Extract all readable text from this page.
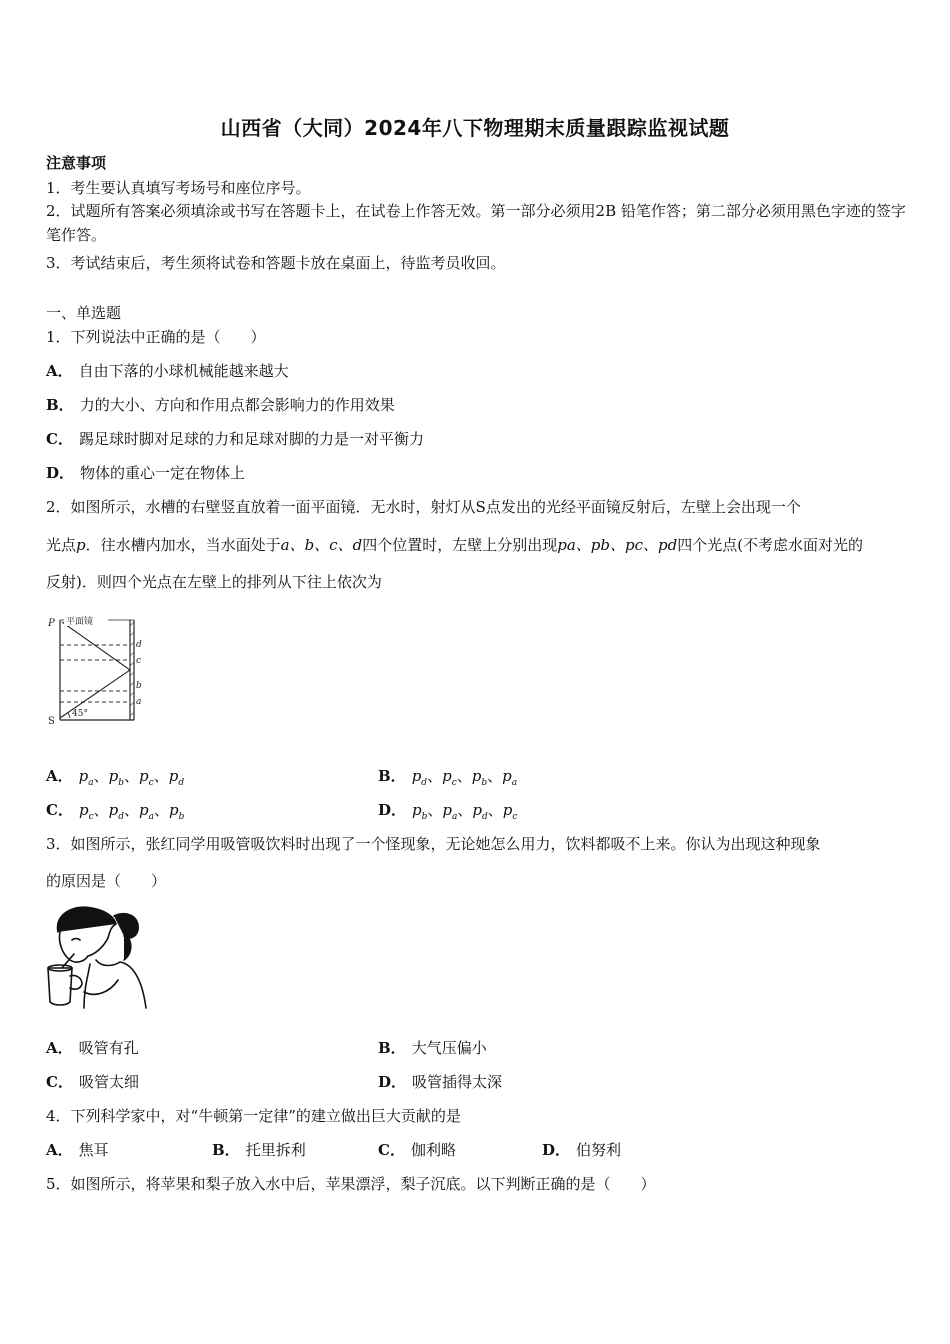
山西省（大同）2024年八下物理期末质量跟踪监视试题
注意事项
1．考生要认真填写考场号和座位序号。
2．试题所有答案必须填涂或书写在答题卡上，在试卷上作答无效。第一部分必须用2B 铅笔作答；第二部分必须用黑色字迹的签字笔作答。
3．考试结束后，考生须将试卷和答题卡放在桌面上，待监考员收回。
一、单选题
1．下列说法中正确的是（　　）
A． 自由下落的小球机械能越来越大
B． 力的大小、方向和作用点都会影响力的作用效果
C． 踢足球时脚对足球的力和足球对脚的力是一对平衡力
D． 物体的重心一定在物体上
2．如图所示，水槽的右壁竖直放着一面平面镜．无水时，射灯从S点发出的光经平面镜反射后，左壁上会出现一个
光点p．往水槽内加水，当水面处于a、b、c、d四个位置时，左壁上分别出现pa、pb、pc、pd四个光点(不考虑水面对光的
反射)．则四个光点在左壁上的排列从下往上依次为
P
S
45°
平面镜
d
c
b
a
A． $p_a$、$p_b$、$p_c$、$p_d$	B． $p_d$、$p_c$、$p_b$、$p_a$
C． $p_c$、$p_d$、$p_a$、$p_b$	D． $p_b$、$p_a$、$p_d$、$p_c$
3．如图所示，张红同学用吸管吸饮料时出现了一个怪现象，无论她怎么用力，饮料都吸不上来。你认为出现这种现象
的原因是（　　）
A． 吸管有孔	B． 大气压偏小
C． 吸管太细	D． 吸管插得太深
4．下列科学家中，对“牛顿第一定律”的建立做出巨大贡献的是
A． 焦耳	B． 托里拆利	C． 伽利略	D． 伯努利
5．如图所示，将苹果和梨子放入水中后，苹果漂浮，梨子沉底。以下判断正确的是（　　）
